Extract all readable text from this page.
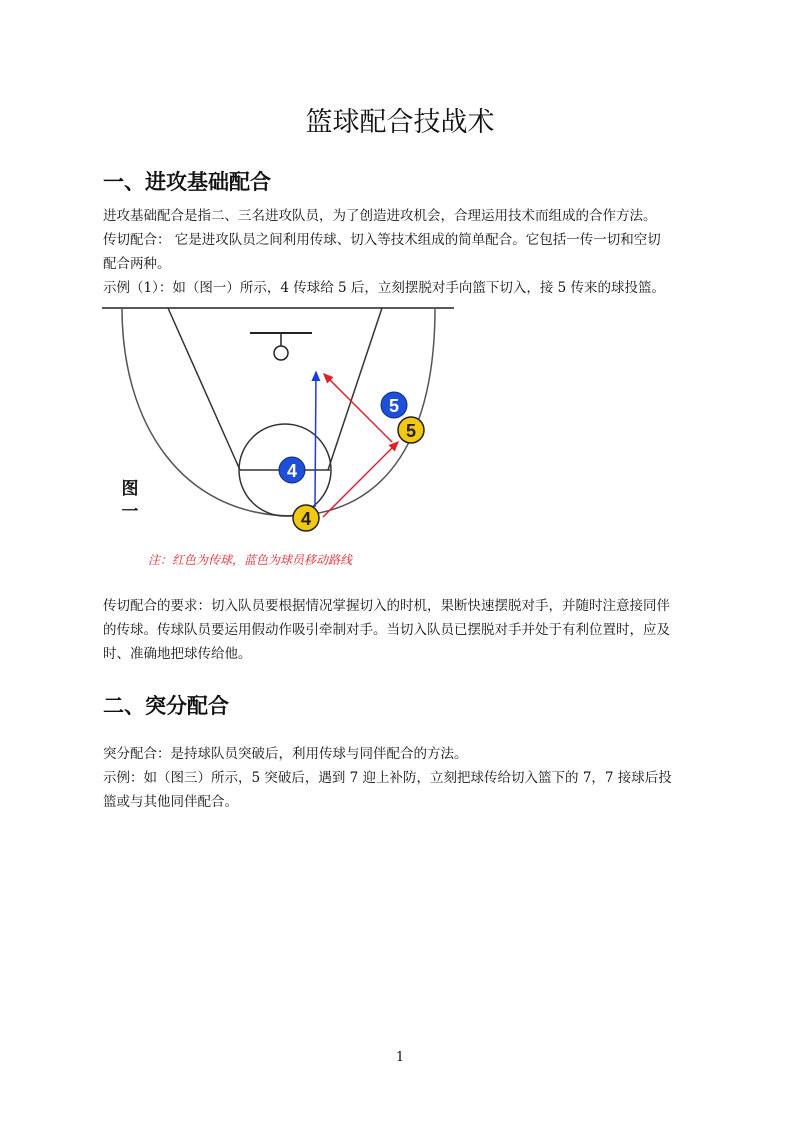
篮球配合技战术
一、进攻基础配合

进攻基础配合是指二、三名进攻队员，为了创造进攻机会，合理运用技术而组成的合作方法。

传切配合： 它是进攻队员之间利用传球、切入等技术组成的简单配合。它包括一传一切和空切

配合两种。

示例（1）：如（图一）所示，4 传球给 5 后，立刻摆脱对手向篮下切入，接 5 传来的球投篮。

5
5
4
4
图
一
注：红色为传球，蓝色为球员移动路线

传切配合的要求：切入队员要根据情况掌握切入的时机，果断快速摆脱对手，并随时注意接同伴

的传球。传球队员要运用假动作吸引牵制对手。当切入队员已摆脱对手并处于有利位置时，应及

时、准确地把球传给他。

二、突分配合

突分配合：是持球队员突破后，利用传球与同伴配合的方法。

示例：如（图三）所示，5 突破后，遇到 7 迎上补防，立刻把球传给切入篮下的 7，7 接球后投

篮或与其他同伴配合。

1
